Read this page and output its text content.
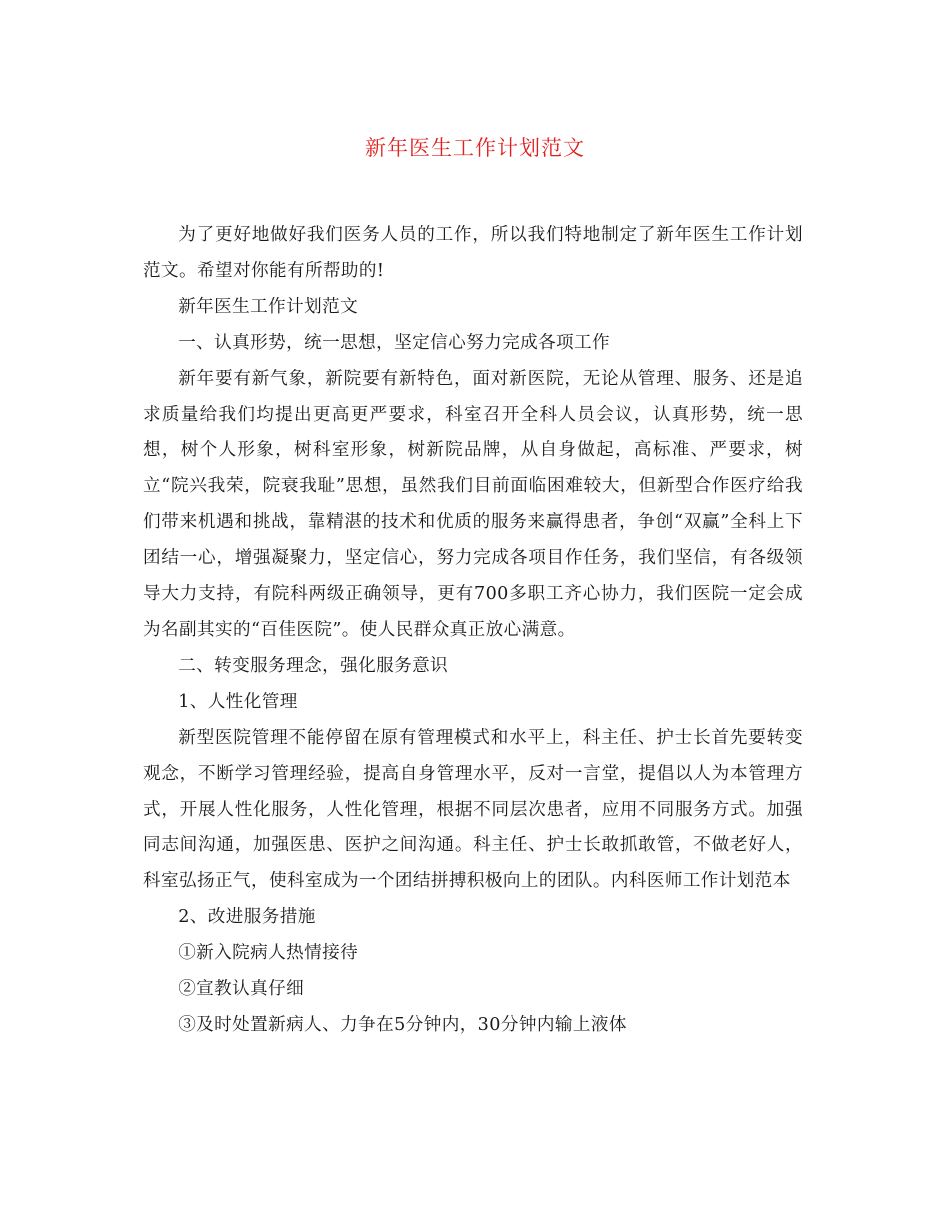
新年医生工作计划范文

为了更好地做好我们医务人员的工作，所以我们特地制定了新年医生工作计划范文。希望对你能有所帮助的!

新年医生工作计划范文

一、认真形势，统一思想，坚定信心努力完成各项工作

新年要有新气象，新院要有新特色，面对新医院，无论从管理、服务、还是追求质量给我们均提出更高更严要求，科室召开全科人员会议，认真形势，统一思想，树个人形象，树科室形象，树新院品牌，从自身做起，高标准、严要求，树立“院兴我荣，院衰我耻”思想，虽然我们目前面临困难较大，但新型合作医疗给我们带来机遇和挑战，靠精湛的技术和优质的服务来赢得患者，争创“双赢”全科上下团结一心，增强凝聚力，坚定信心，努力完成各项目作任务，我们坚信，有各级领导大力支持，有院科两级正确领导，更有700多职工齐心协力，我们医院一定会成为名副其实的“百佳医院”。使人民群众真正放心满意。

二、转变服务理念，强化服务意识

1、人性化管理

新型医院管理不能停留在原有管理模式和水平上，科主任、护士长首先要转变观念，不断学习管理经验，提高自身管理水平，反对一言堂，提倡以人为本管理方式，开展人性化服务，人性化管理，根据不同层次患者，应用不同服务方式。加强同志间沟通，加强医患、医护之间沟通。科主任、护士长敢抓敢管，不做老好人，科室弘扬正气，使科室成为一个团结拼搏积极向上的团队。内科医师工作计划范本

2、改进服务措施

①新入院病人热情接待

②宣教认真仔细

③及时处置新病人、力争在5分钟内，30分钟内输上液体
